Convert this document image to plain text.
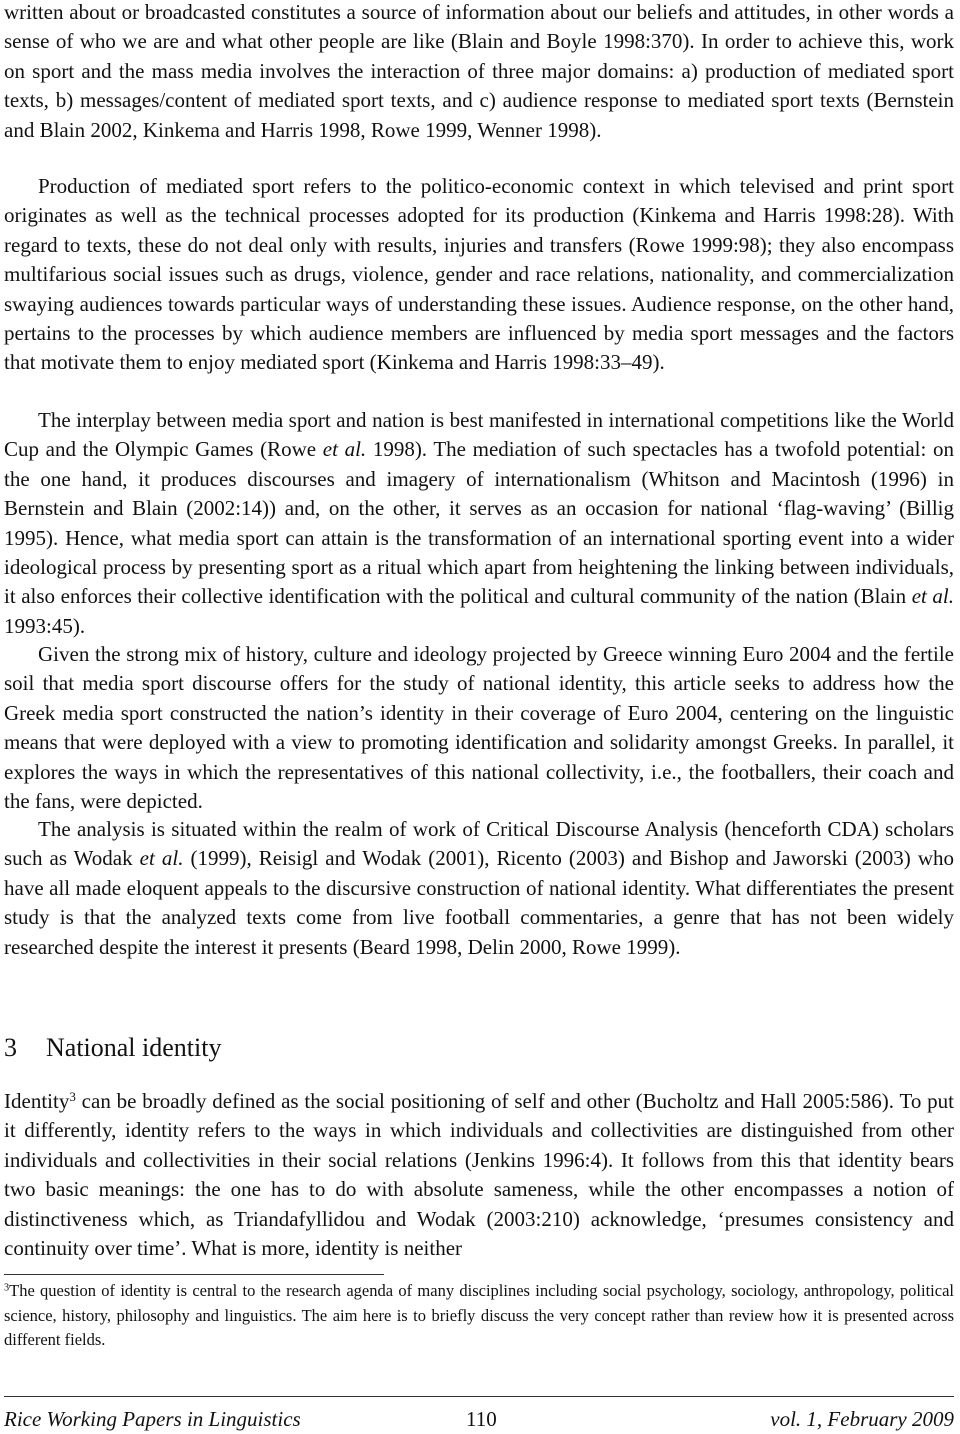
written about or broadcasted constitutes a source of information about our beliefs and attitudes, in other words a sense of who we are and what other people are like (Blain and Boyle 1998:370). In order to achieve this, work on sport and the mass media involves the interaction of three major domains: a) production of mediated sport texts, b) messages/content of mediated sport texts, and c) audience response to mediated sport texts (Bernstein and Blain 2002, Kinkema and Harris 1998, Rowe 1999, Wenner 1998).

Production of mediated sport refers to the politico-economic context in which televised and print sport originates as well as the technical processes adopted for its production (Kinkema and Harris 1998:28). With regard to texts, these do not deal only with results, injuries and transfers (Rowe 1999:98); they also encompass multifarious social issues such as drugs, violence, gender and race relations, nationality, and commercialization swaying audiences towards particular ways of understanding these issues. Audience response, on the other hand, pertains to the processes by which audience members are influenced by media sport messages and the factors that motivate them to enjoy mediated sport (Kinkema and Harris 1998:33–49).

The interplay between media sport and nation is best manifested in international competitions like the World Cup and the Olympic Games (Rowe et al. 1998). The mediation of such spectacles has a twofold potential: on the one hand, it produces discourses and imagery of internationalism (Whitson and Macintosh (1996) in Bernstein and Blain (2002:14)) and, on the other, it serves as an occasion for national ‘flag-waving’ (Billig 1995). Hence, what media sport can attain is the transformation of an international sporting event into a wider ideological process by presenting sport as a ritual which apart from heightening the linking between individuals, it also enforces their collective identification with the political and cultural community of the nation (Blain et al. 1993:45).

Given the strong mix of history, culture and ideology projected by Greece winning Euro 2004 and the fertile soil that media sport discourse offers for the study of national identity, this article seeks to address how the Greek media sport constructed the nation’s identity in their coverage of Euro 2004, centering on the linguistic means that were deployed with a view to promoting identification and solidarity amongst Greeks. In parallel, it explores the ways in which the representatives of this national collectivity, i.e., the footballers, their coach and the fans, were depicted.

The analysis is situated within the realm of work of Critical Discourse Analysis (henceforth CDA) scholars such as Wodak et al. (1999), Reisigl and Wodak (2001), Ricento (2003) and Bishop and Jaworski (2003) who have all made eloquent appeals to the discursive construction of national identity. What differentiates the present study is that the analyzed texts come from live football commentaries, a genre that has not been widely researched despite the interest it presents (Beard 1998, Delin 2000, Rowe 1999).

3 National identity

Identity$^3$ can be broadly defined as the social positioning of self and other (Bucholtz and Hall 2005:586). To put it differently, identity refers to the ways in which individuals and collectivities are distinguished from other individuals and collectivities in their social relations (Jenkins 1996:4). It follows from this that identity bears two basic meanings: the one has to do with absolute sameness, while the other encompasses a notion of distinctiveness which, as Triandafyllidou and Wodak (2003:210) acknowledge, ‘presumes consistency and continuity over time’. What is more, identity is neither

$^3$The question of identity is central to the research agenda of many disciplines including social psychology, sociology, anthropology, political science, history, philosophy and linguistics. The aim here is to briefly discuss the very concept rather than review how it is presented across different fields.

Rice Working Papers in Linguistics	110	vol. 1, February 2009
